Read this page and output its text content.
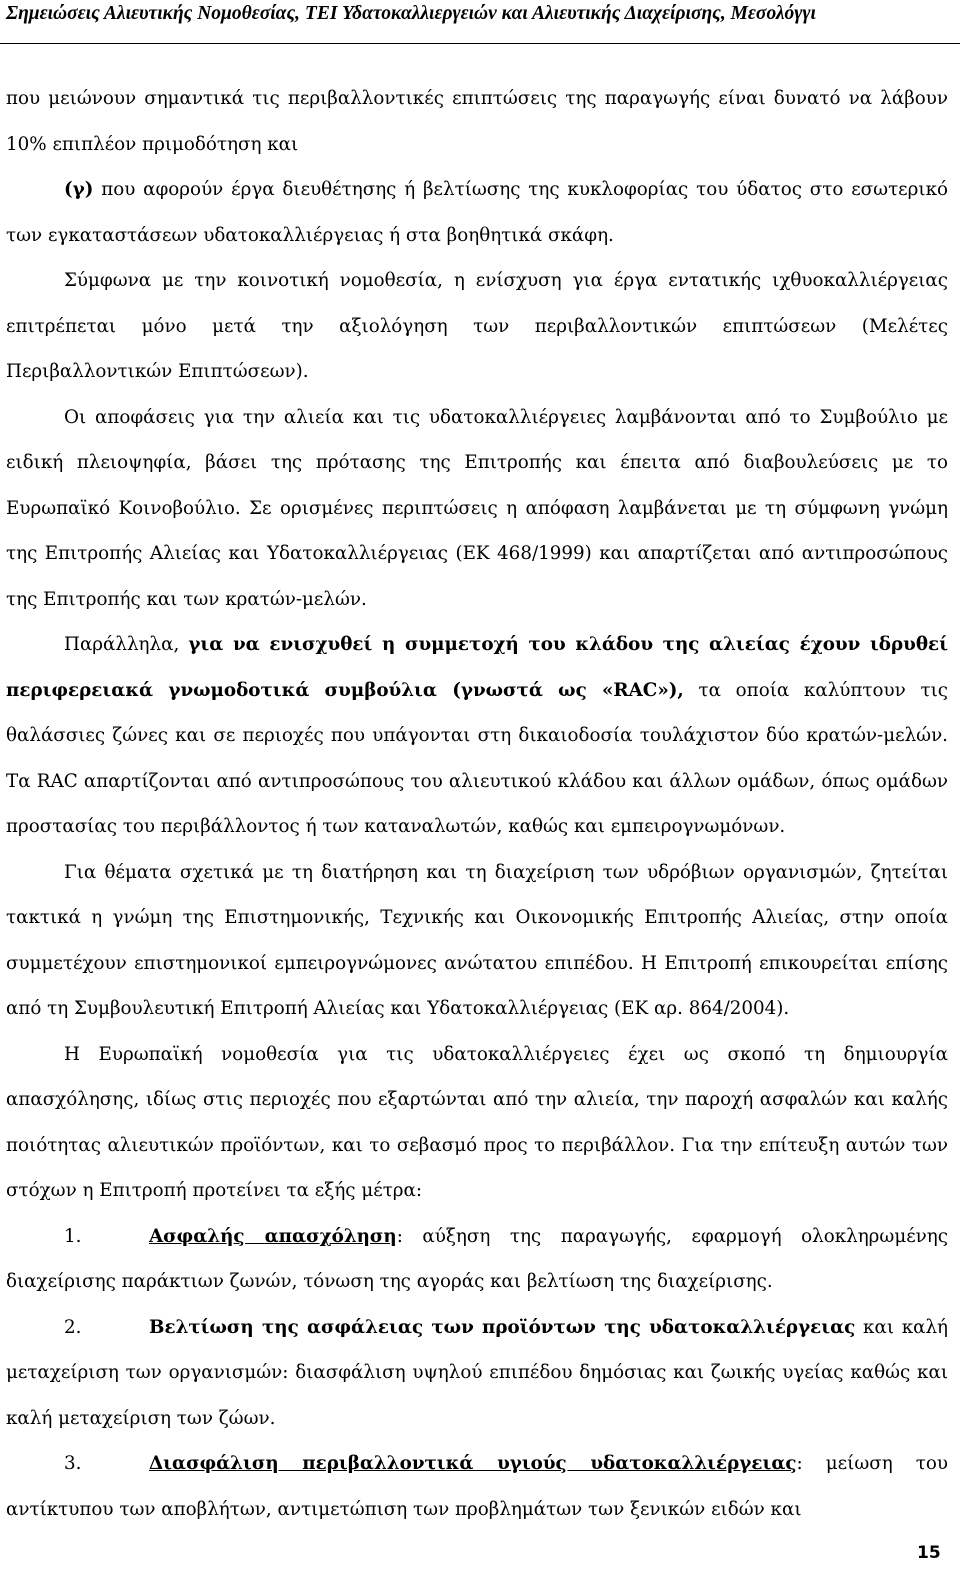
Σημειώσεις Αλιευτικής Νομοθεσίας, ΤΕΙ Υδατοκαλλιεργειών και Αλιευτικής Διαχείρισης, Μεσολόγγι

που μειώνουν σημαντικά τις περιβαλλοντικές επιπτώσεις της παραγωγής είναι δυνατό να λάβουν 10% επιπλέον πριμοδότηση και

(γ) που αφορούν έργα διευθέτησης ή βελτίωσης της κυκλοφορίας του ύδατος στο εσωτερικό των εγκαταστάσεων υδατοκαλλιέργειας ή στα βοηθητικά σκάφη.

Σύμφωνα με την κοινοτική νομοθεσία, η ενίσχυση για έργα εντατικής ιχθυοκαλλιέργειας επιτρέπεται μόνο μετά την αξιολόγηση των περιβαλλοντικών επιπτώσεων (Μελέτες Περιβαλλοντικών Επιπτώσεων).

Οι αποφάσεις για την αλιεία και τις υδατοκαλλιέργειες λαμβάνονται από το Συμβούλιο με ειδική πλειοψηφία, βάσει της πρότασης της Επιτροπής και έπειτα από διαβουλεύσεις με το Ευρωπαϊκό Κοινοβούλιο. Σε ορισμένες περιπτώσεις η απόφαση λαμβάνεται με τη σύμφωνη γνώμη της Επιτροπής Αλιείας και Υδατοκαλλιέργειας (ΕΚ 468/1999) και απαρτίζεται από αντιπροσώπους της Επιτροπής και των κρατών-μελών.

Παράλληλα, για να ενισχυθεί η συμμετοχή του κλάδου της αλιείας έχουν ιδρυθεί περιφερειακά γνωμοδοτικά συμβούλια (γνωστά ως «RAC»), τα οποία καλύπτουν τις θαλάσσιες ζώνες και σε περιοχές που υπάγονται στη δικαιοδοσία τουλάχιστον δύο κρατών-μελών. Τα RAC απαρτίζονται από αντιπροσώπους του αλιευτικού κλάδου και άλλων ομάδων, όπως ομάδων προστασίας του περιβάλλοντος ή των καταναλωτών, καθώς και εμπειρογνωμόνων.

Για θέματα σχετικά με τη διατήρηση και τη διαχείριση των υδρόβιων οργανισμών, ζητείται τακτικά η γνώμη της Επιστημονικής, Τεχνικής και Οικονομικής Επιτροπής Αλιείας, στην οποία συμμετέχουν επιστημονικοί εμπειρογνώμονες ανώτατου επιπέδου. Η Επιτροπή επικουρείται επίσης από τη Συμβουλευτική Επιτροπή Αλιείας και Υδατοκαλλιέργειας (ΕΚ αρ. 864/2004).

Η Ευρωπαϊκή νομοθεσία για τις υδατοκαλλιέργειες έχει ως σκοπό τη δημιουργία απασχόλησης, ιδίως στις περιοχές που εξαρτώνται από την αλιεία, την παροχή ασφαλών και καλής ποιότητας αλιευτικών προϊόντων, και το σεβασμό προς το περιβάλλον. Για την επίτευξη αυτών των στόχων η Επιτροπή προτείνει τα εξής μέτρα:

1.	Ασφαλής απασχόληση: αύξηση της παραγωγής, εφαρμογή ολοκληρωμένης διαχείρισης παράκτιων ζωνών, τόνωση της αγοράς και βελτίωση της διαχείρισης.

2.	Βελτίωση της ασφάλειας των προϊόντων της υδατοκαλλιέργειας και καλή μεταχείριση των οργανισμών: διασφάλιση υψηλού επιπέδου δημόσιας και ζωικής υγείας καθώς και καλή μεταχείριση των ζώων.

3.	Διασφάλιση περιβαλλοντικά υγιούς υδατοκαλλιέργειας: μείωση του αντίκτυπου των αποβλήτων, αντιμετώπιση των προβλημάτων των ξενικών ειδών και

15
